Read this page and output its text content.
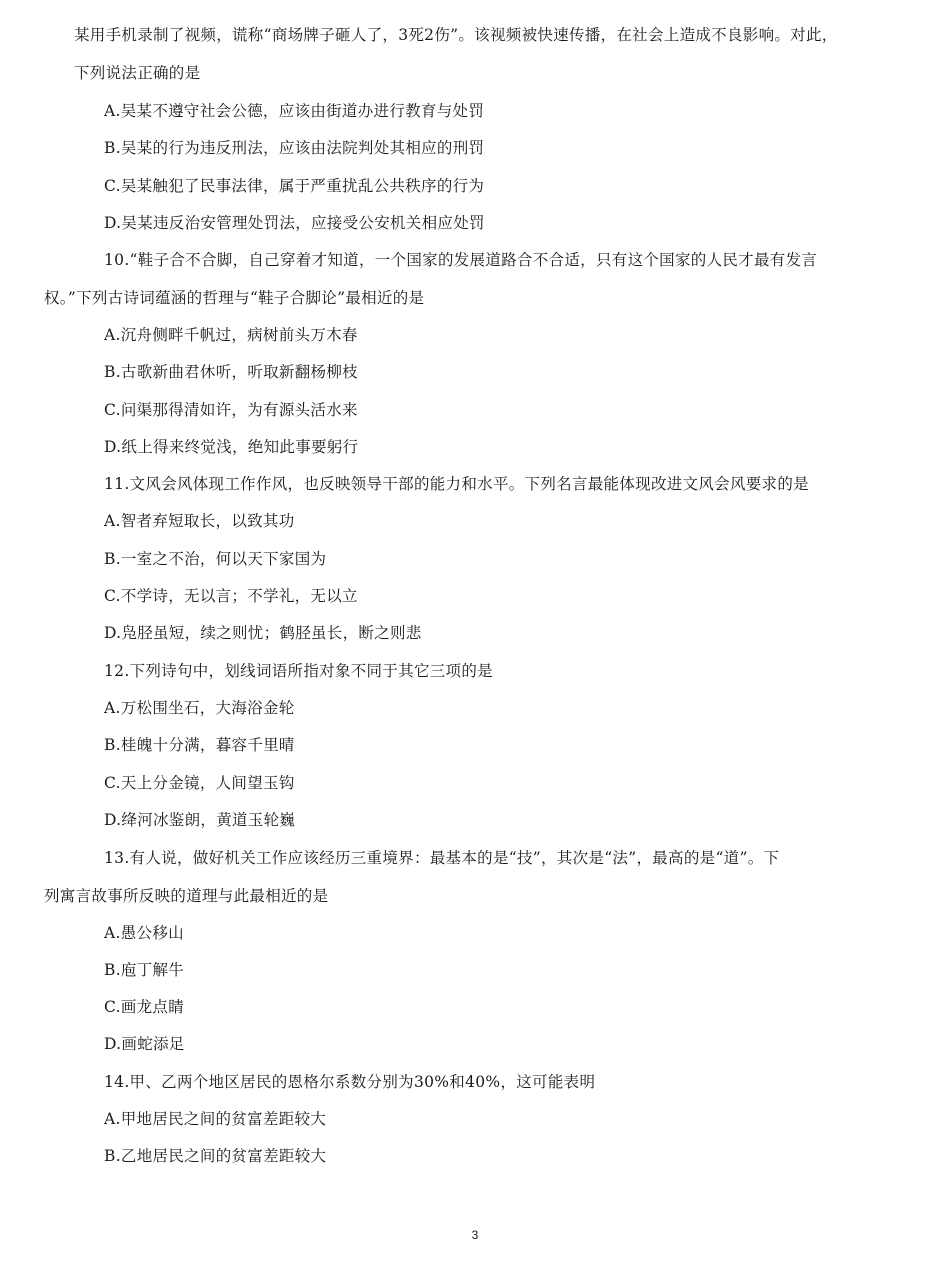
某用手机录制了视频，谎称“商场牌子砸人了，3死2伤”。该视频被快速传播，在社会上造成不良影响。对此，
下列说法正确的是

A.吴某不遵守社会公德，应该由街道办进行教育与处罚

B.吴某的行为违反刑法，应该由法院判处其相应的刑罚

C.吴某触犯了民事法律，属于严重扰乱公共秩序的行为

D.吴某违反治安管理处罚法，应接受公安机关相应处罚

10.“鞋子合不合脚，自己穿着才知道，一个国家的发展道路合不合适，只有这个国家的人民才最有发言
权。”下列古诗词蕴涵的哲理与“鞋子合脚论”最相近的是

A.沉舟侧畔千帆过，病树前头万木春

B.古歌新曲君休听，听取新翻杨柳枝

C.问渠那得清如许，为有源头活水来

D.纸上得来终觉浅，绝知此事要躬行

11.文风会风体现工作作风，也反映领导干部的能力和水平。下列名言最能体现改进文风会风要求的是

A.智者弃短取长，以致其功

B.一室之不治，何以天下家国为

C.不学诗，无以言；不学礼，无以立

D.凫胫虽短，续之则忧；鹤胫虽长，断之则悲

12.下列诗句中，划线词语所指对象不同于其它三项的是

A.万松围坐石，大海浴金轮

B.桂魄十分满，暮容千里晴

C.天上分金镜，人间望玉钩

D.绛河冰鉴朗，黄道玉轮巍

13.有人说，做好机关工作应该经历三重境界：最基本的是“技”，其次是“法”，最高的是“道”。下
列寓言故事所反映的道理与此最相近的是

A.愚公移山

B.庖丁解牛

C.画龙点睛

D.画蛇添足

14.甲、乙两个地区居民的恩格尔系数分别为30%和40%，这可能表明

A.甲地居民之间的贫富差距较大

B.乙地居民之间的贫富差距较大

3
